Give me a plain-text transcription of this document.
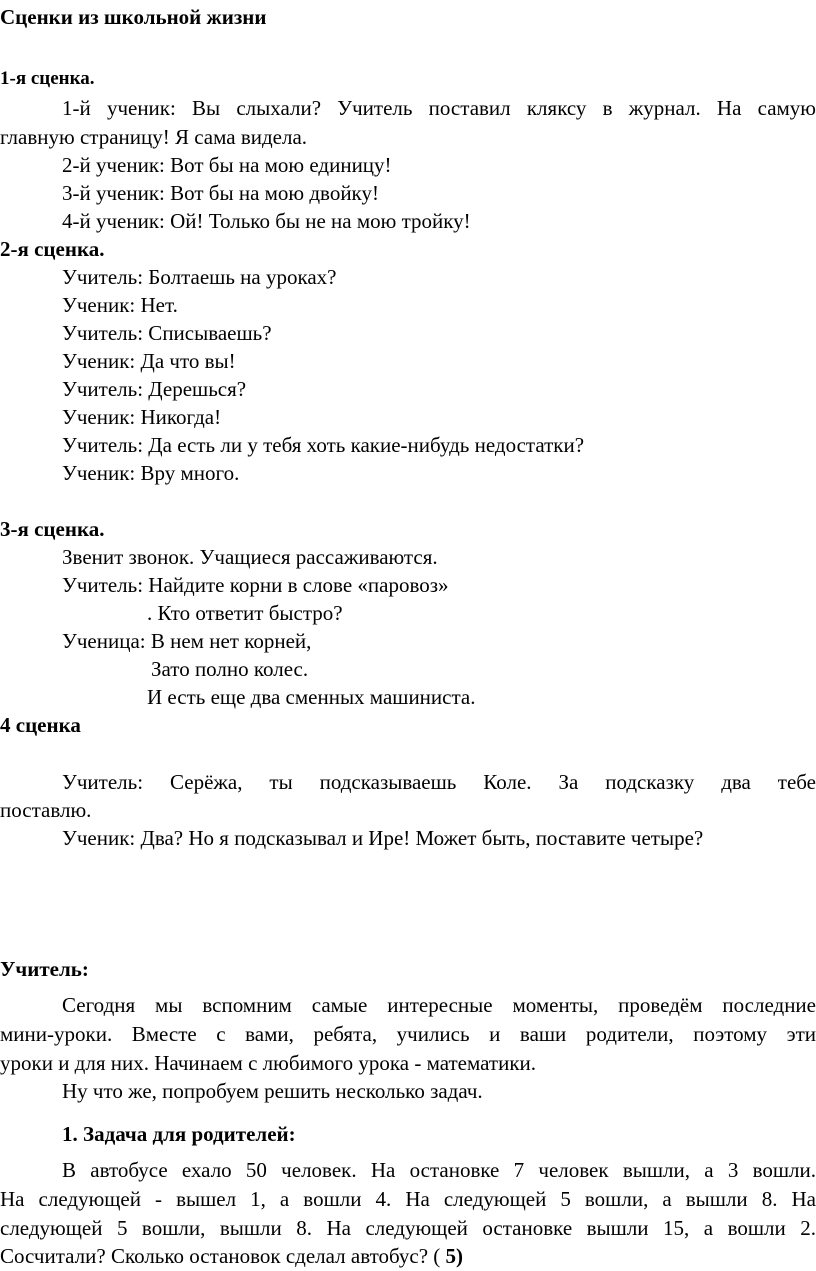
Сценки из школьной жизни
1-я сценка.
1-й ученик: Вы слыхали? Учитель поставил кляксу в журнал. На самую
главную страницу! Я сама видела.
2-й ученик: Вот бы на мою единицу!
3-й ученик: Вот бы на мою двойку!
4-й ученик: Ой! Только бы не на мою тройку!
2-я сценка.
Учитель: Болтаешь на уроках?
Ученик: Нет.
Учитель: Списываешь?
Ученик: Да что вы!
Учитель: Дерешься?
Ученик: Никогда!
Учитель: Да есть ли у тебя хоть какие-нибудь недостатки?
Ученик: Вру много.
3-я сценка.
Звенит звонок. Учащиеся рассаживаются.
Учитель: Найдите корни в слове «паровоз»
. Кто ответит быстро?
Ученица: В нем нет корней,
Зато полно колес.
И есть еще два сменных машиниста.
4 сценка
Учитель: Серёжа, ты подсказываешь Коле. За подсказку два тебе
поставлю.
Ученик: Два? Но я подсказывал и Ире! Может быть, поставите четыре?
Учитель:
Сегодня мы вспомним самые интересные моменты, проведём последние
мини-уроки. Вместе с вами, ребята, учились и ваши родители, поэтому эти
уроки и для них. Начинаем с любимого урока - математики.
Ну что же, попробуем решить несколько задач.
1. Задача для родителей:
В автобусе ехало 50 человек. На остановке 7 человек вышли, а 3 вошли.
На следующей - вышел 1, а вошли 4. На следующей 5 вошли, а вышли 8. На
следующей 5 вошли, вышли 8. На следующей остановке вышли 15, а вошли 2.
Сосчитали? Сколько остановок сделал автобус? ( 5)
